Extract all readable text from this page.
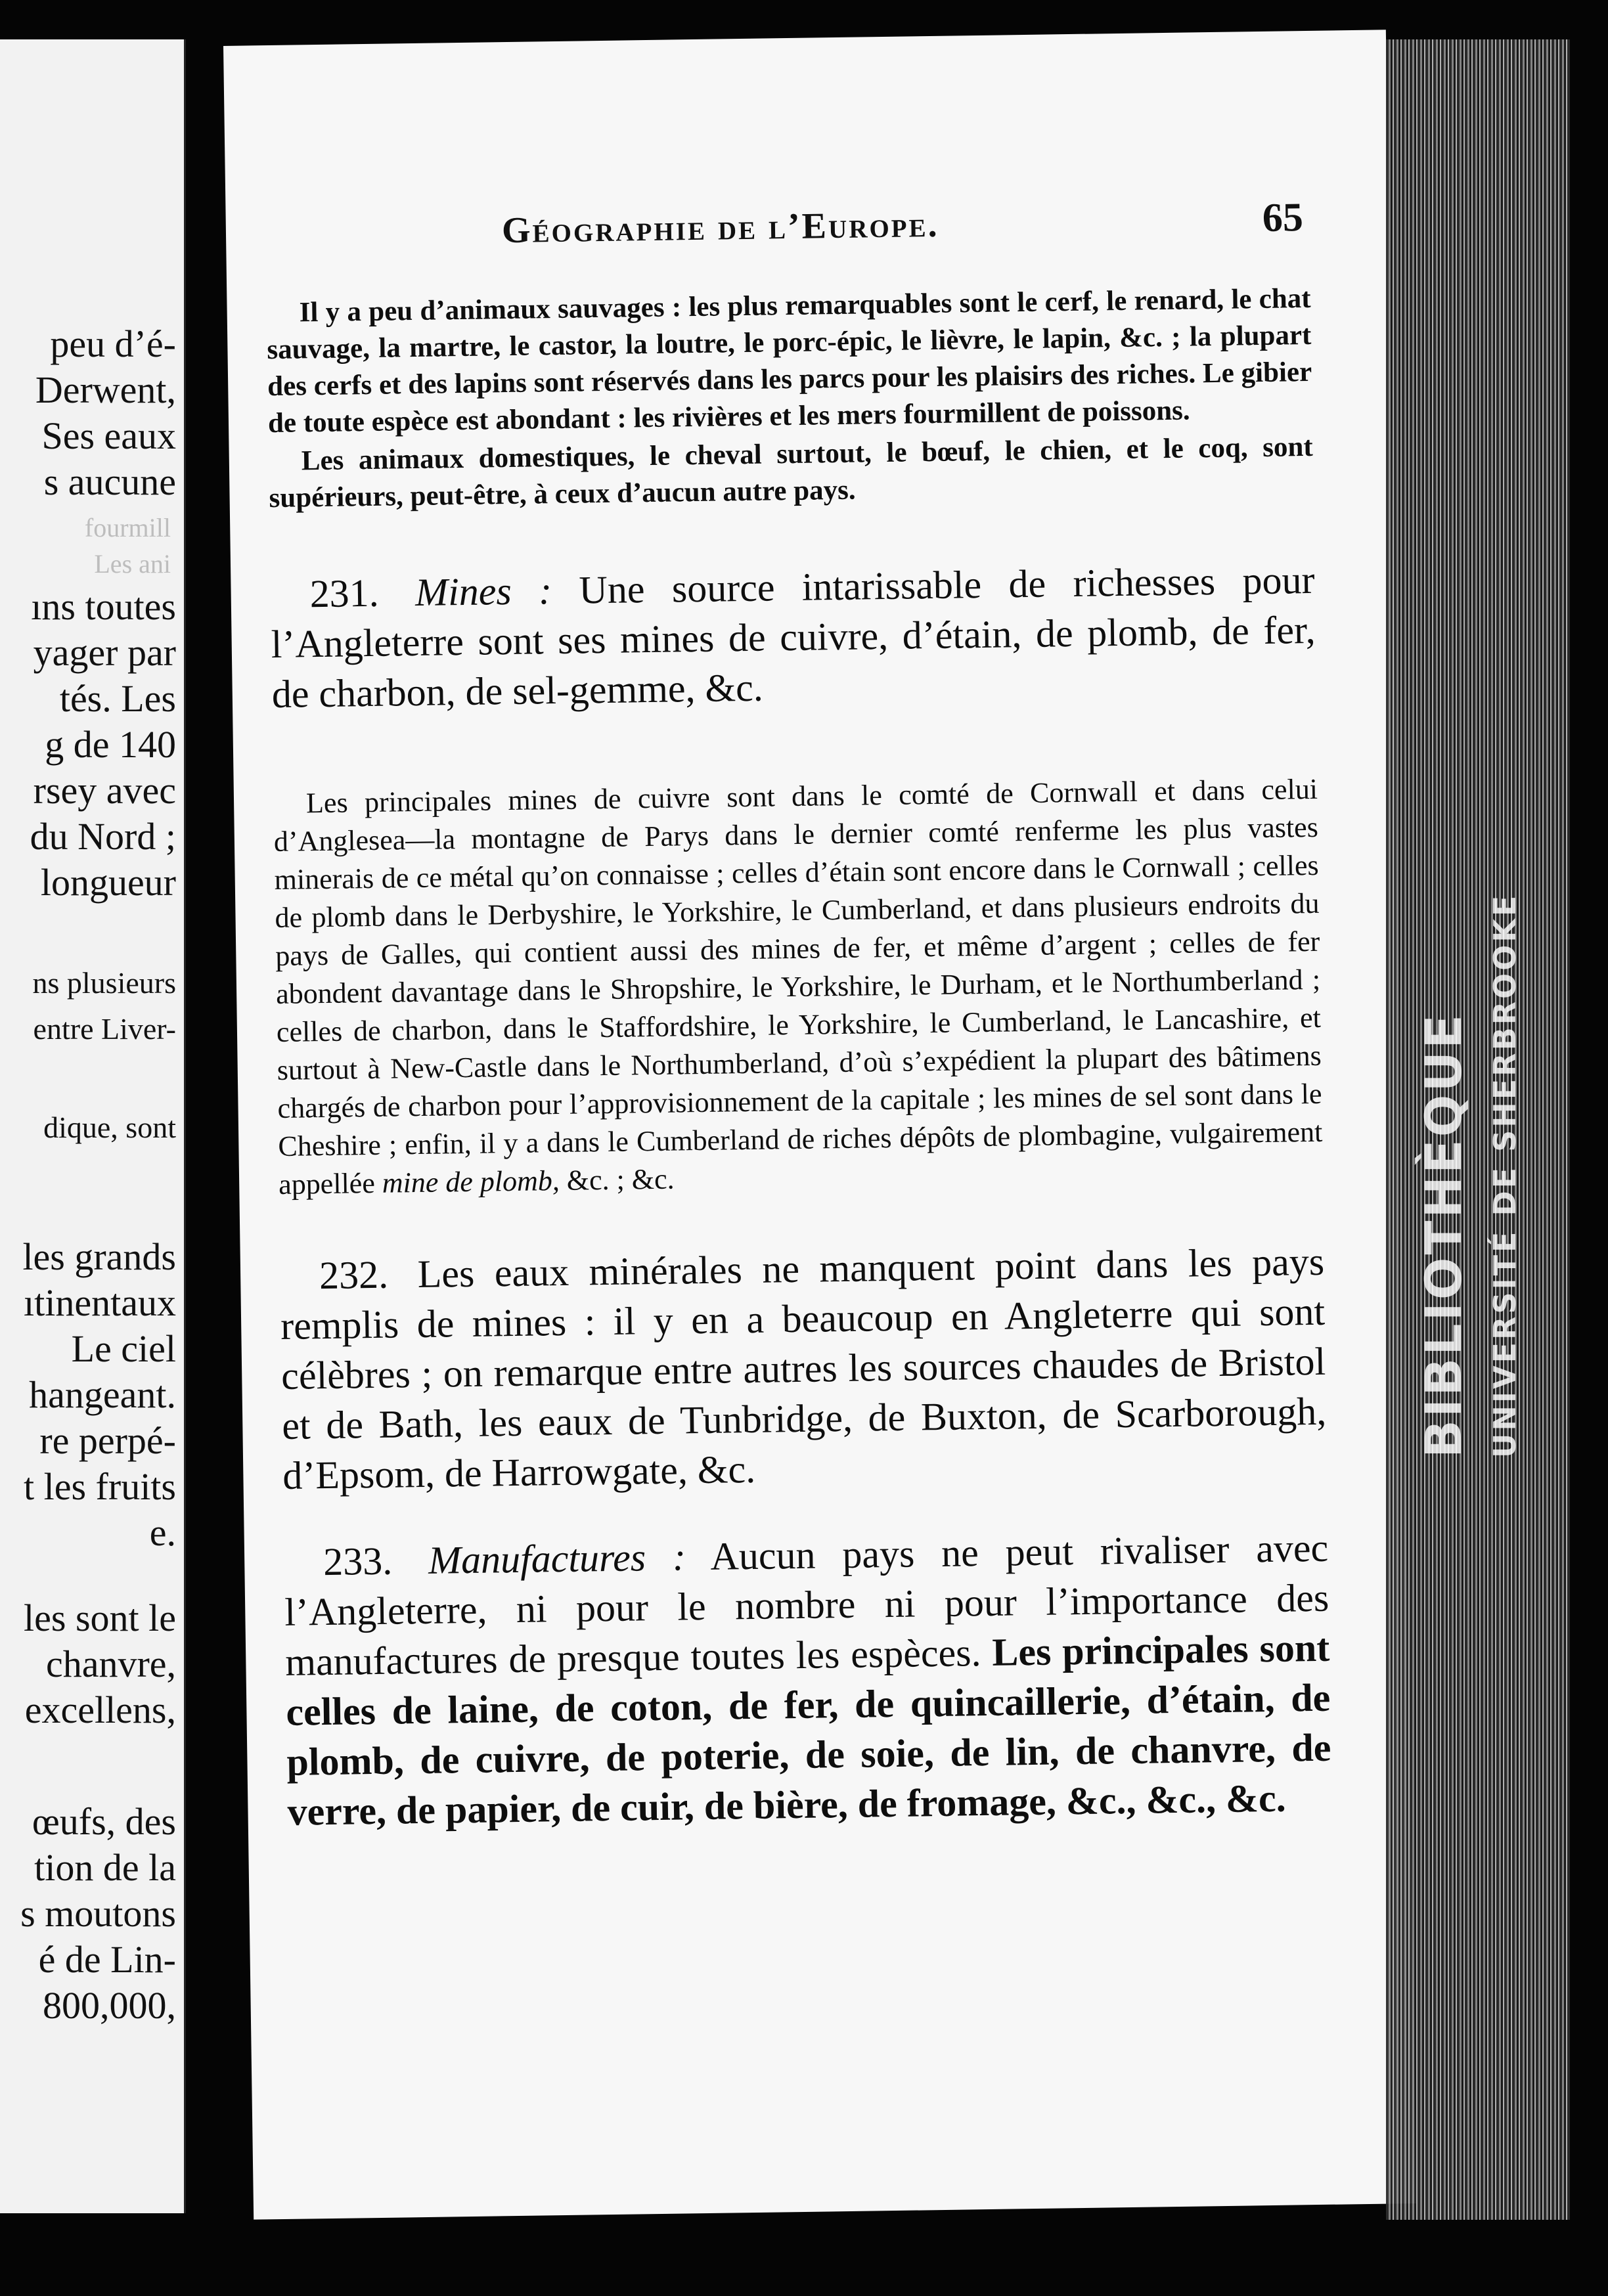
peu d’é-
Derwent,
Ses eaux
s aucune
fourmill
Les ani
ıns toutes
yager par
tés. Les
g de 140
rsey avec
du Nord ;
longueur
ns plusieurs
entre Liver-
dique, sont
les grands
ıtinentaux
Le ciel
hangeant.
re perpé-
t les fruits
e.
les sont le
chanvre,
excellens,
œufs, des
tion de la
s moutons
é de Lin-
800,000,
Géographie de l’Europe.	65

Il y a peu d’animaux sauvages : les plus remarquables sont le cerf, le renard, le chat sauvage, la martre, le castor, la loutre, le porc-épic, le lièvre, le lapin, &c. ; la plupart des cerfs et des lapins sont réservés dans les parcs pour les plaisirs des riches. Le gibier de toute espèce est abondant : les rivières et les mers fourmillent de poissons.

Les animaux domestiques, le cheval surtout, le bœuf, le chien, et le coq, sont supérieurs, peut-être, à ceux d’aucun autre pays.

231. Mines : Une source intarissable de richesses pour l’Angleterre sont ses mines de cuivre, d’étain, de plomb, de fer, de charbon, de sel-gemme, &c.

Les principales mines de cuivre sont dans le comté de Cornwall et dans celui d’Anglesea—la montagne de Parys dans le dernier comté renferme les plus vastes minerais de ce métal qu’on connaisse ; celles d’étain sont encore dans le Cornwall ; celles de plomb dans le Derbyshire, le Yorkshire, le Cumberland, et dans plusieurs endroits du pays de Galles, qui contient aussi des mines de fer, et même d’argent ; celles de fer abondent davantage dans le Shropshire, le Yorkshire, le Durham, et le Northumberland ; celles de charbon, dans le Staffordshire, le Yorkshire, le Cumberland, le Lancashire, et surtout à New-Castle dans le Northumberland, d’où s’expédient la plupart des bâtimens chargés de charbon pour l’approvisionnement de la capitale ; les mines de sel sont dans le Cheshire ; enfin, il y a dans le Cumberland de riches dépôts de plombagine, vulgairement appellée mine de plomb, &c. ; &c.

232. Les eaux minérales ne manquent point dans les pays remplis de mines : il y en a beaucoup en Angleterre qui sont célèbres ; on remarque entre autres les sources chaudes de Bristol et de Bath, les eaux de Tunbridge, de Buxton, de Scarborough, d’Epsom, de Harrowgate, &c.

233. Manufactures : Aucun pays ne peut rivaliser avec l’Angleterre, ni pour le nombre ni pour l’importance des manufactures de presque toutes les espèces. Les principales sont celles de laine, de coton, de fer, de quincaillerie, d’étain, de plomb, de cuivre, de poterie, de soie, de lin, de chanvre, de verre, de papier, de cuir, de bière, de fromage, &c., &c., &c.

BIBLIOTHÈQUE UNIVERSITÉ DE SHERBROOKE
